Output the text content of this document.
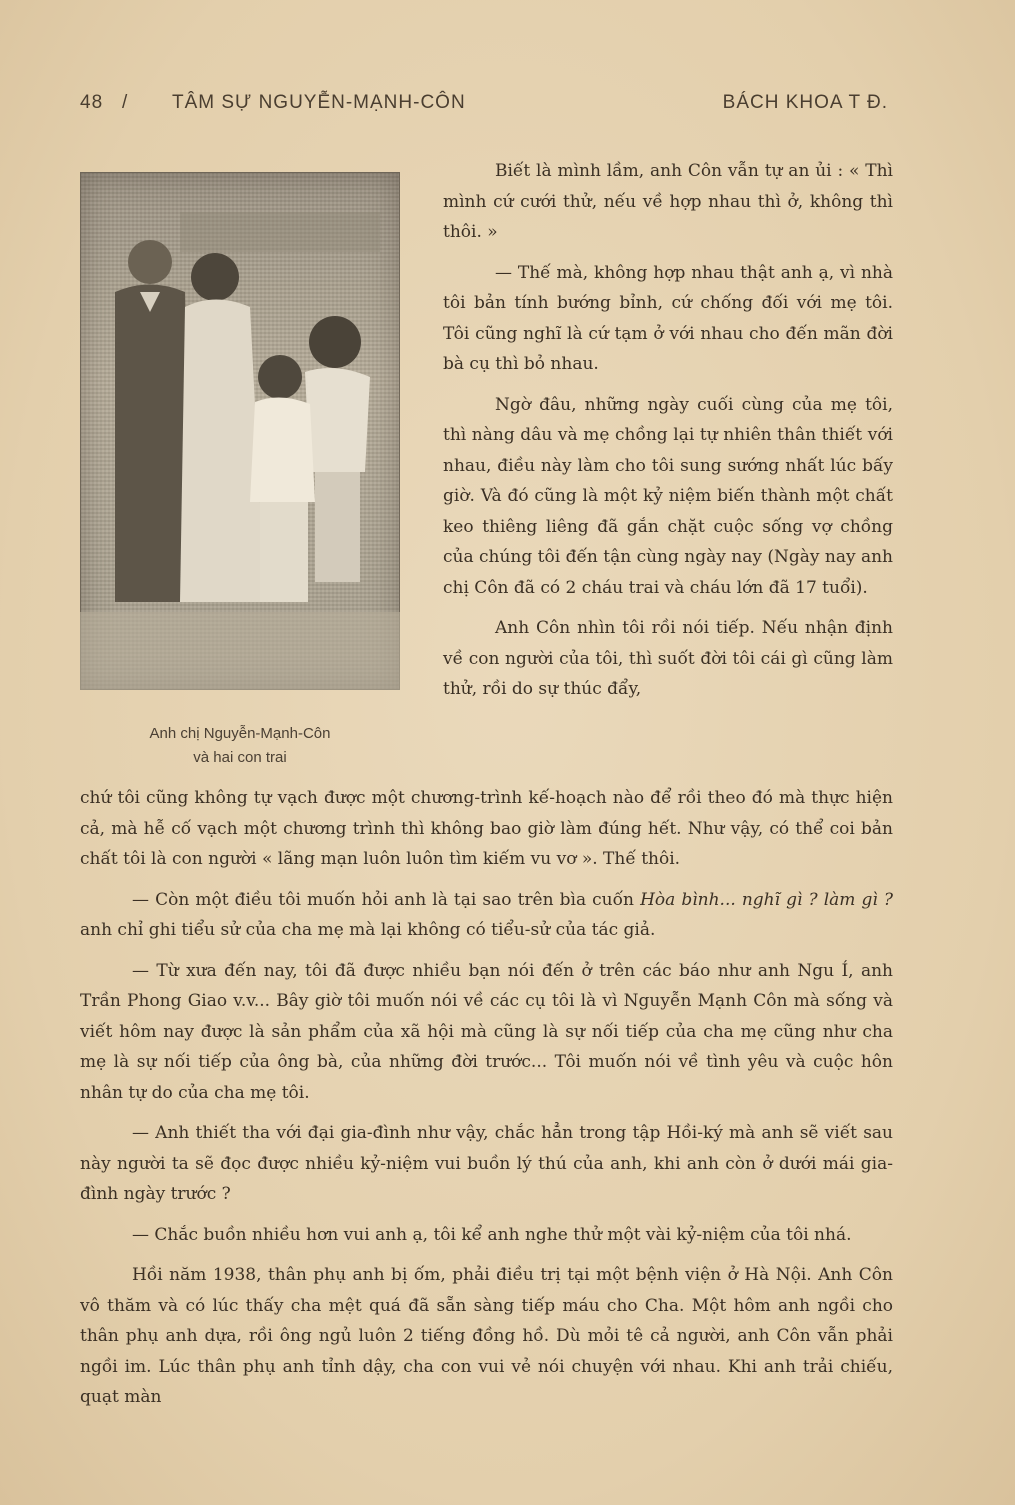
48 / TÂM SỰ NGUYỄN-MẠNH-CÔN	BÁCH KHOA T Đ.
Anh chị Nguyễn-Mạnh-Côn
và hai con trai

Biết là mình lầm, anh Côn vẫn tự an ủi : « Thì mình cứ cưới thử, nếu về hợp nhau thì ở, không thì thôi. »

— Thế mà, không hợp nhau thật anh ạ, vì nhà tôi bản tính bướng bỉnh, cứ chống đối với mẹ tôi. Tôi cũng nghĩ là cứ tạm ở với nhau cho đến mãn đời bà cụ thì bỏ nhau.

Ngờ đâu, những ngày cuối cùng của mẹ tôi, thì nàng dâu và mẹ chồng lại tự nhiên thân thiết với nhau, điều này làm cho tôi sung sướng nhất lúc bấy giờ. Và đó cũng là một kỷ niệm biến thành một chất keo thiêng liêng đã gắn chặt cuộc sống vợ chồng của chúng tôi đến tận cùng ngày nay (Ngày nay anh chị Côn đã có 2 cháu trai và cháu lớn đã 17 tuổi).

Anh Côn nhìn tôi rồi nói tiếp. Nếu nhận định về con người của tôi, thì suốt đời tôi cái gì cũng làm thử, rồi do sự thúc đẩy,

chứ tôi cũng không tự vạch được một chương-trình kế-hoạch nào để rồi theo đó mà thực hiện cả, mà hễ cố vạch một chương trình thì không bao giờ làm đúng hết. Như vậy, có thể coi bản chất tôi là con người « lãng mạn luôn luôn tìm kiếm vu vơ ». Thế thôi.

— Còn một điều tôi muốn hỏi anh là tại sao trên bìa cuốn Hòa bình... nghĩ gì ? làm gì ? anh chỉ ghi tiểu sử của cha mẹ mà lại không có tiểu-sử của tác giả.

— Từ xưa đến nay, tôi đã được nhiều bạn nói đến ở trên các báo như anh Ngu Í, anh Trần Phong Giao v.v... Bây giờ tôi muốn nói về các cụ tôi là vì Nguyễn Mạnh Côn mà sống và viết hôm nay được là sản phẩm của xã hội mà cũng là sự nối tiếp của cha mẹ cũng như cha mẹ là sự nối tiếp của ông bà, của những đời trước... Tôi muốn nói về tình yêu và cuộc hôn nhân tự do của cha mẹ tôi.

— Anh thiết tha với đại gia-đình như vậy, chắc hẳn trong tập Hồi-ký mà anh sẽ viết sau này người ta sẽ đọc được nhiều kỷ-niệm vui buồn lý thú của anh, khi anh còn ở dưới mái gia-đình ngày trước ?

— Chắc buồn nhiều hơn vui anh ạ, tôi kể anh nghe thử một vài kỷ-niệm của tôi nhá.

Hồi năm 1938, thân phụ anh bị ốm, phải điều trị tại một bệnh viện ở Hà Nội. Anh Côn vô thăm và có lúc thấy cha mệt quá đã sẵn sàng tiếp máu cho Cha. Một hôm anh ngồi cho thân phụ anh dựa, rồi ông ngủ luôn 2 tiếng đồng hồ. Dù mỏi tê cả người, anh Côn vẫn phải ngồi im. Lúc thân phụ anh tỉnh dậy, cha con vui vẻ nói chuyện với nhau. Khi anh trải chiếu, quạt màn
